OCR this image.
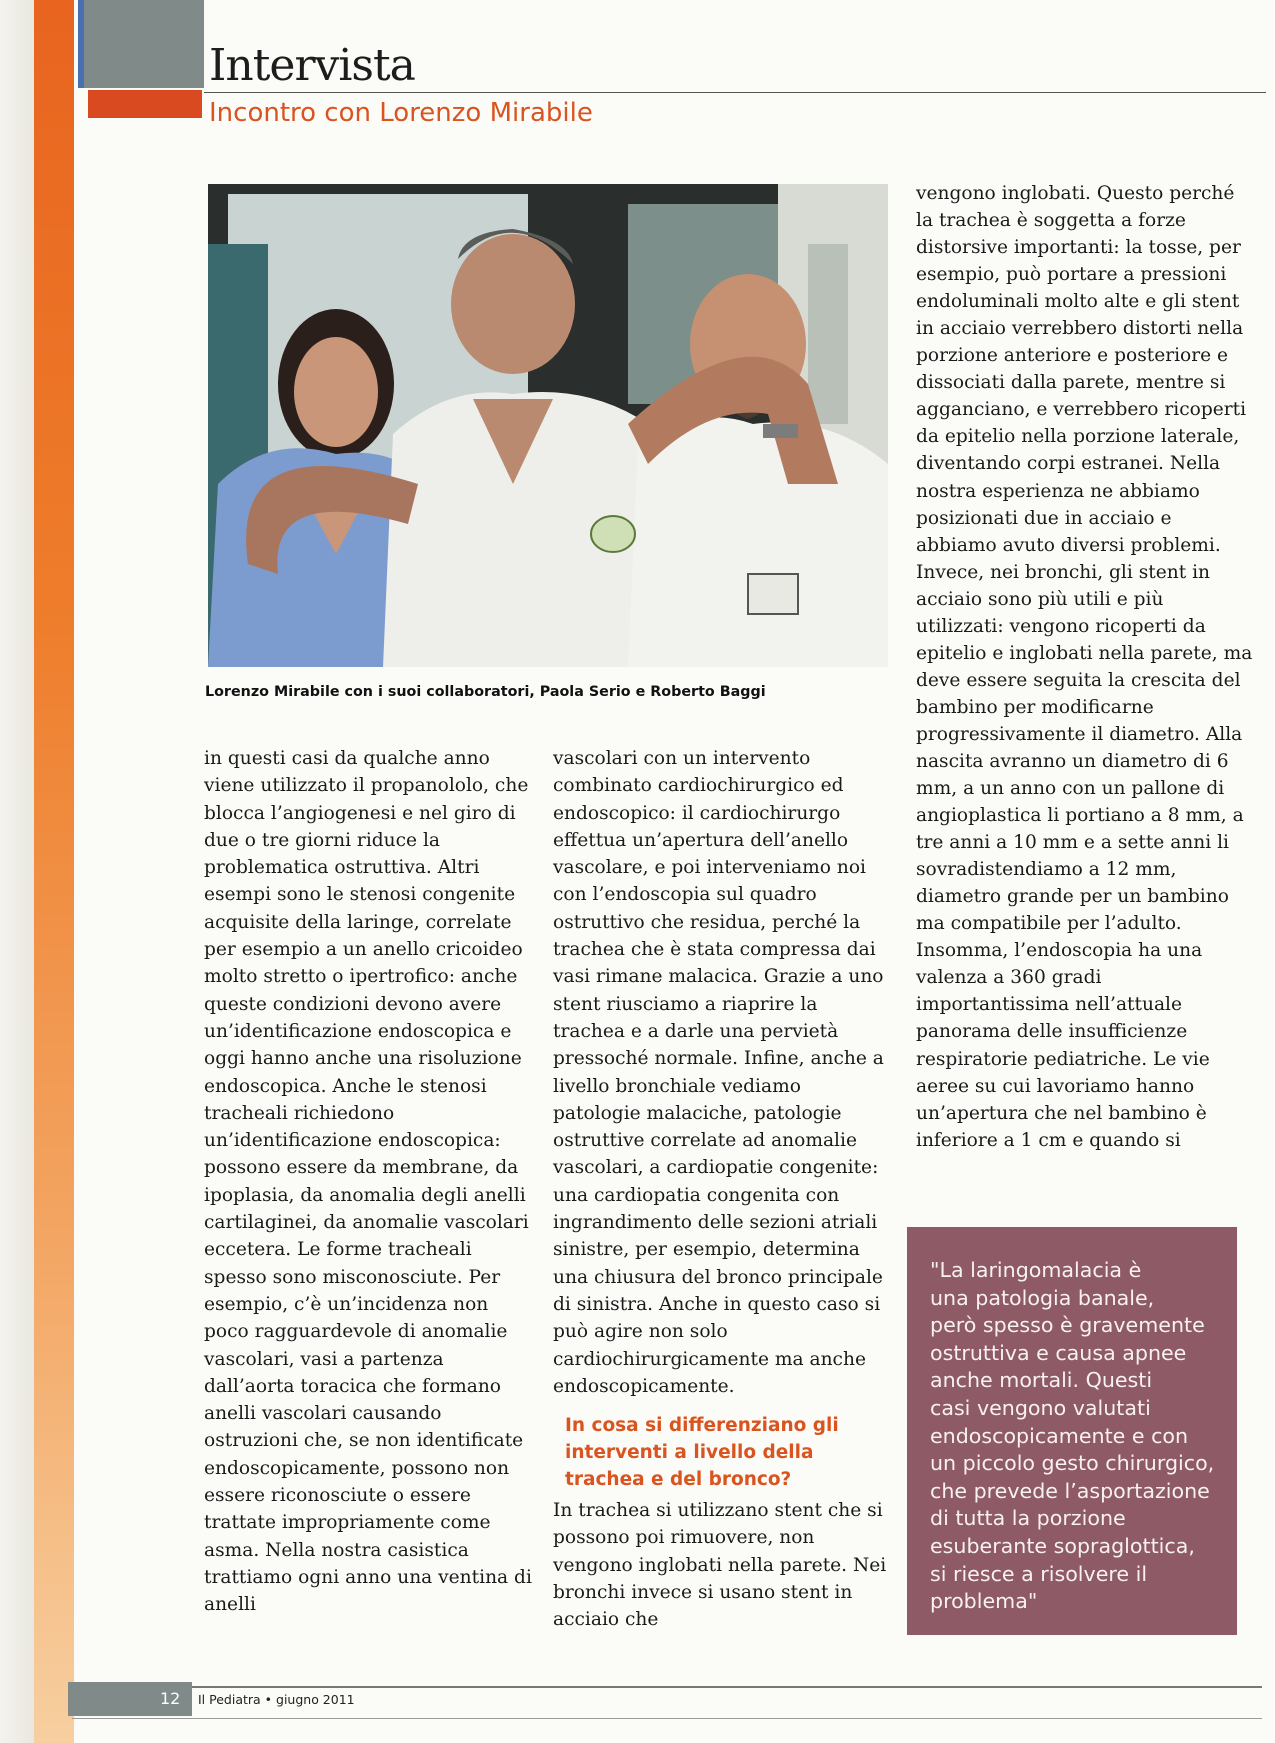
Intervista
Incontro con Lorenzo Mirabile
Lorenzo Mirabile con i suoi collaboratori, Paola Serio e Roberto Baggi

in questi casi da qualche anno viene utilizzato il propanololo, che blocca l’angiogenesi e nel giro di due o tre giorni riduce la problematica ostruttiva. Altri esempi sono le stenosi congenite acquisite della laringe, correlate per esempio a un anello cricoideo molto stretto o ipertrofico: anche queste condizioni devono avere un’identificazione endoscopica e oggi hanno anche una risoluzione endoscopica. Anche le stenosi tracheali richiedono un’identificazione endoscopica: possono essere da membrane, da ipoplasia, da anomalia degli anelli cartilaginei, da anomalie vascolari eccetera. Le forme tracheali spesso sono misconosciute. Per esempio, c’è un’incidenza non poco ragguardevole di anomalie vascolari, vasi a partenza dall’aorta toracica che formano anelli vascolari causando ostruzioni che, se non identificate endoscopicamente, possono non essere riconosciute o essere trattate impropriamente come asma. Nella nostra casistica trattiamo ogni anno una ventina di anelli

vascolari con un intervento combinato cardiochirurgico ed endoscopico: il cardiochirurgo effettua un’apertura dell’anello vascolare, e poi interveniamo noi con l’endoscopia sul quadro ostruttivo che residua, perché la trachea che è stata compressa dai vasi rimane malacica. Grazie a uno stent riusciamo a riaprire la trachea e a darle una pervietà pressoché normale. Infine, anche a livello bronchiale vediamo patologie malaciche, patologie ostruttive correlate ad anomalie vascolari, a cardiopatie congenite: una cardiopatia congenita con ingrandimento delle sezioni atriali sinistre, per esempio, determina una chiusura del bronco principale di sinistra. Anche in questo caso si può agire non solo cardiochirurgicamente ma anche endoscopicamente.

In cosa si differenziano gli interventi a livello della trachea e del bronco?

In trachea si utilizzano stent che si possono poi rimuovere, non vengono inglobati nella parete. Nei bronchi invece si usano stent in acciaio che

vengono inglobati. Questo perché la trachea è soggetta a forze distorsive importanti: la tosse, per esempio, può portare a pressioni endoluminali molto alte e gli stent in acciaio verrebbero distorti nella porzione anteriore e posteriore e dissociati dalla parete, mentre si agganciano, e verrebbero ricoperti da epitelio nella porzione laterale, diventando corpi estranei. Nella nostra esperienza ne abbiamo posizionati due in acciaio e abbiamo avuto diversi problemi. Invece, nei bronchi, gli stent in acciaio sono più utili e più utilizzati: vengono ricoperti da epitelio e inglobati nella parete, ma deve essere seguita la crescita del bambino per modificarne progressivamente il diametro. Alla nascita avranno un diametro di 6 mm, a un anno con un pallone di angioplastica li portiano a 8 mm, a tre anni a 10 mm e a sette anni li sovradistendiamo a 12 mm, diametro grande per un bambino ma compatibile per l’adulto. Insomma, l’endoscopia ha una valenza a 360 gradi importantissima nell’attuale panorama delle insufficienze respiratorie pediatriche. Le vie aeree su cui lavoriamo hanno un’apertura che nel bambino è inferiore a 1 cm e quando si

"La laringomalacia è
una patologia banale,
però spesso è gravemente
ostruttiva e causa apnee
anche mortali. Questi
casi vengono valutati
endoscopicamente e con
un piccolo gesto chirurgico,
che prevede l’asportazione
di tutta la porzione
esuberante sopraglottica,
si riesce a risolvere il
problema"
12 Il Pediatra • giugno 2011
